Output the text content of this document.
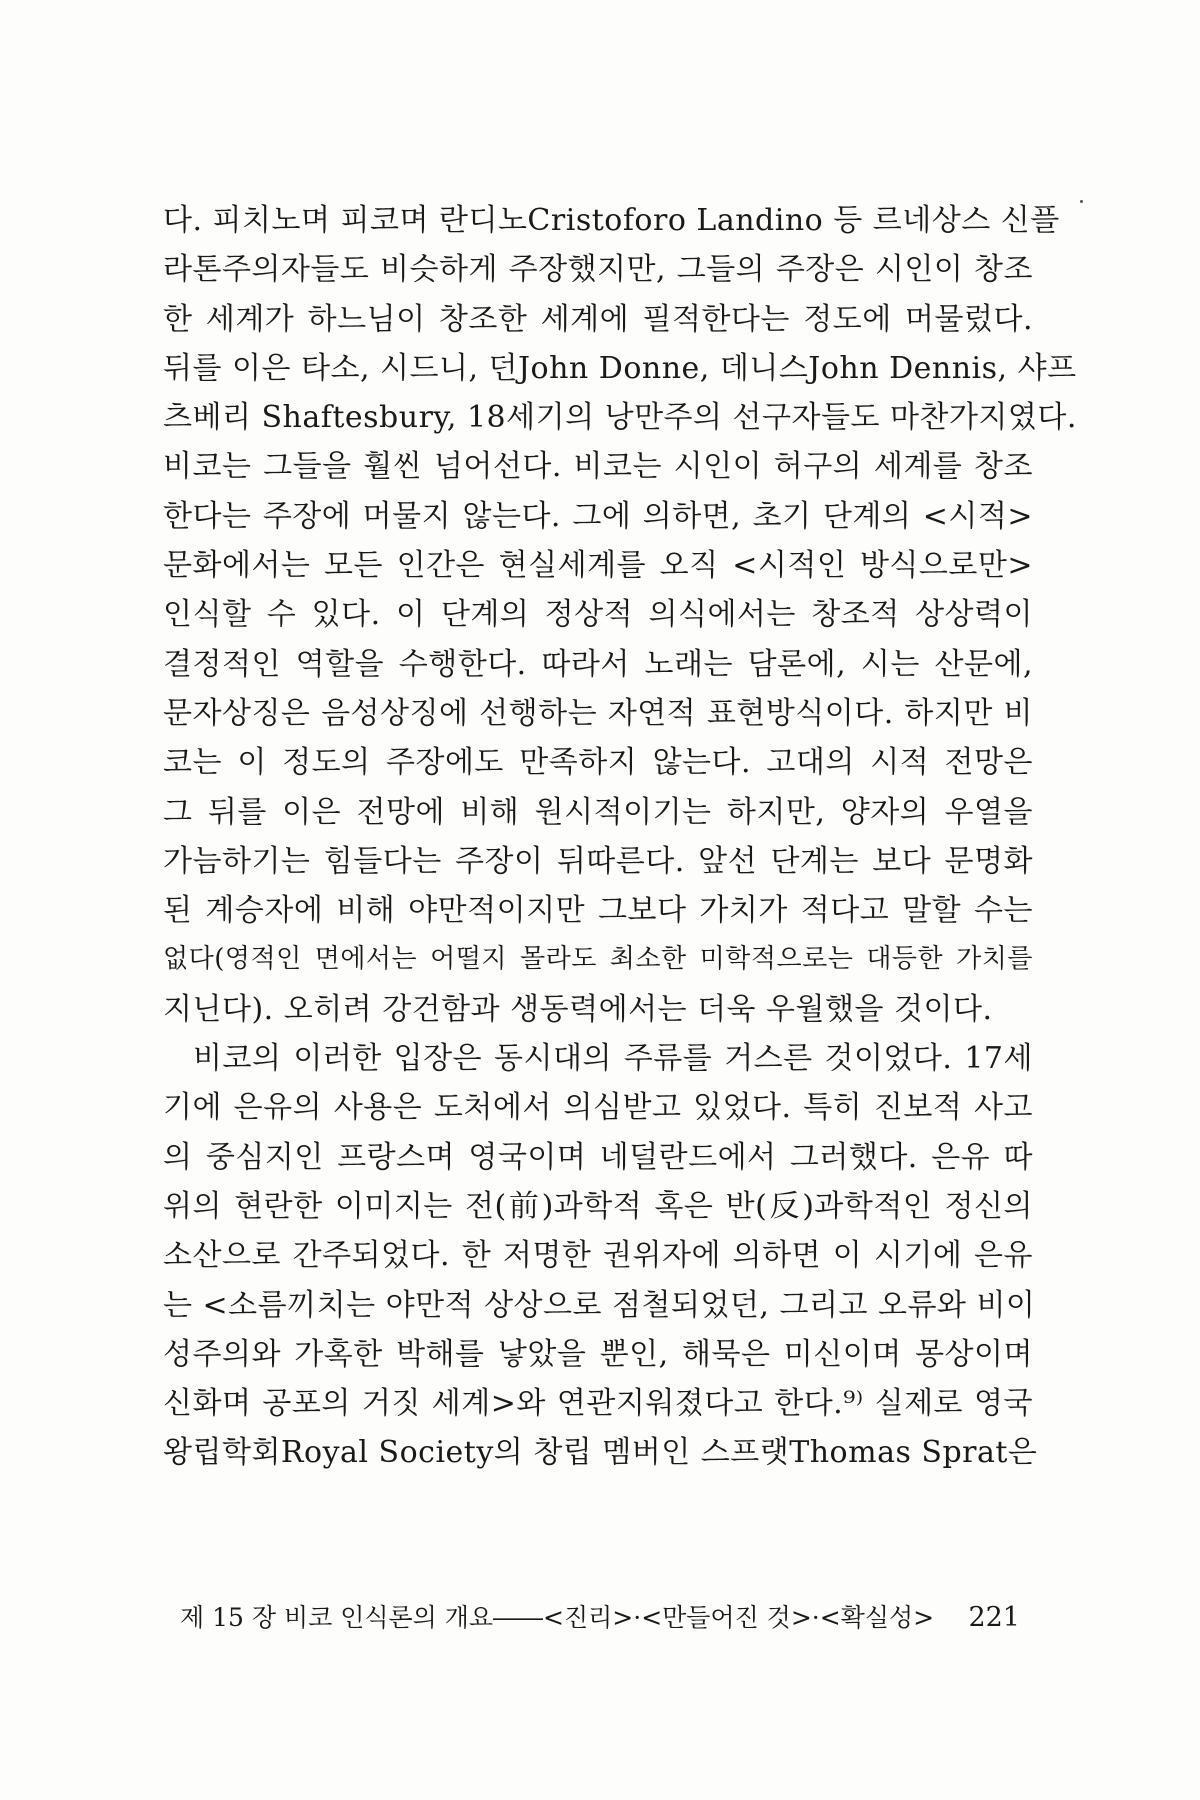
다. 피치노며 피코며 란디노Cristoforo Landino 등 르네상스 신플
라톤주의자들도 비슷하게 주장했지만, 그들의 주장은 시인이 창조
한 세계가 하느님이 창조한 세계에 필적한다는 정도에 머물렀다.
뒤를 이은 타소, 시드니, 던John Donne, 데니스John Dennis, 샤프
츠베리 Shaftesbury, 18세기의 낭만주의 선구자들도 마찬가지였다.
비코는 그들을 훨씬 넘어선다. 비코는 시인이 허구의 세계를 창조
한다는 주장에 머물지 않는다. 그에 의하면, 초기 단계의 <시적>
문화에서는 모든 인간은 현실세계를 오직 <시적인 방식으로만>
인식할 수 있다. 이 단계의 정상적 의식에서는 창조적 상상력이
결정적인 역할을 수행한다. 따라서 노래는 담론에, 시는 산문에,
문자상징은 음성상징에 선행하는 자연적 표현방식이다. 하지만 비
코는 이 정도의 주장에도 만족하지 않는다. 고대의 시적 전망은
그 뒤를 이은 전망에 비해 원시적이기는 하지만, 양자의 우열을
가늠하기는 힘들다는 주장이 뒤따른다. 앞선 단계는 보다 문명화
된 계승자에 비해 야만적이지만 그보다 가치가 적다고 말할 수는
없다(영적인 면에서는 어떨지 몰라도 최소한 미학적으로는 대등한 가치를
지닌다). 오히려 강건함과 생동력에서는 더욱 우월했을 것이다.
비코의 이러한 입장은 동시대의 주류를 거스른 것이었다. 17세
기에 은유의 사용은 도처에서 의심받고 있었다. 특히 진보적 사고
의 중심지인 프랑스며 영국이며 네덜란드에서 그러했다. 은유 따
위의 현란한 이미지는 전(前)과학적 혹은 반(反)과학적인 정신의
소산으로 간주되었다. 한 저명한 권위자에 의하면 이 시기에 은유
는 <소름끼치는 야만적 상상으로 점철되었던, 그리고 오류와 비이
성주의와 가혹한 박해를 낳았을 뿐인, 해묵은 미신이며 몽상이며
신화며 공포의 거짓 세계>와 연관지워졌다고 한다.⁹⁾ 실제로 영국
왕립학회Royal Society의 창립 멤버인 스프랫Thomas Sprat은
제 15 장 비코 인식론의 개요――<진리>·<만들어진 것>·<확실성> 221
